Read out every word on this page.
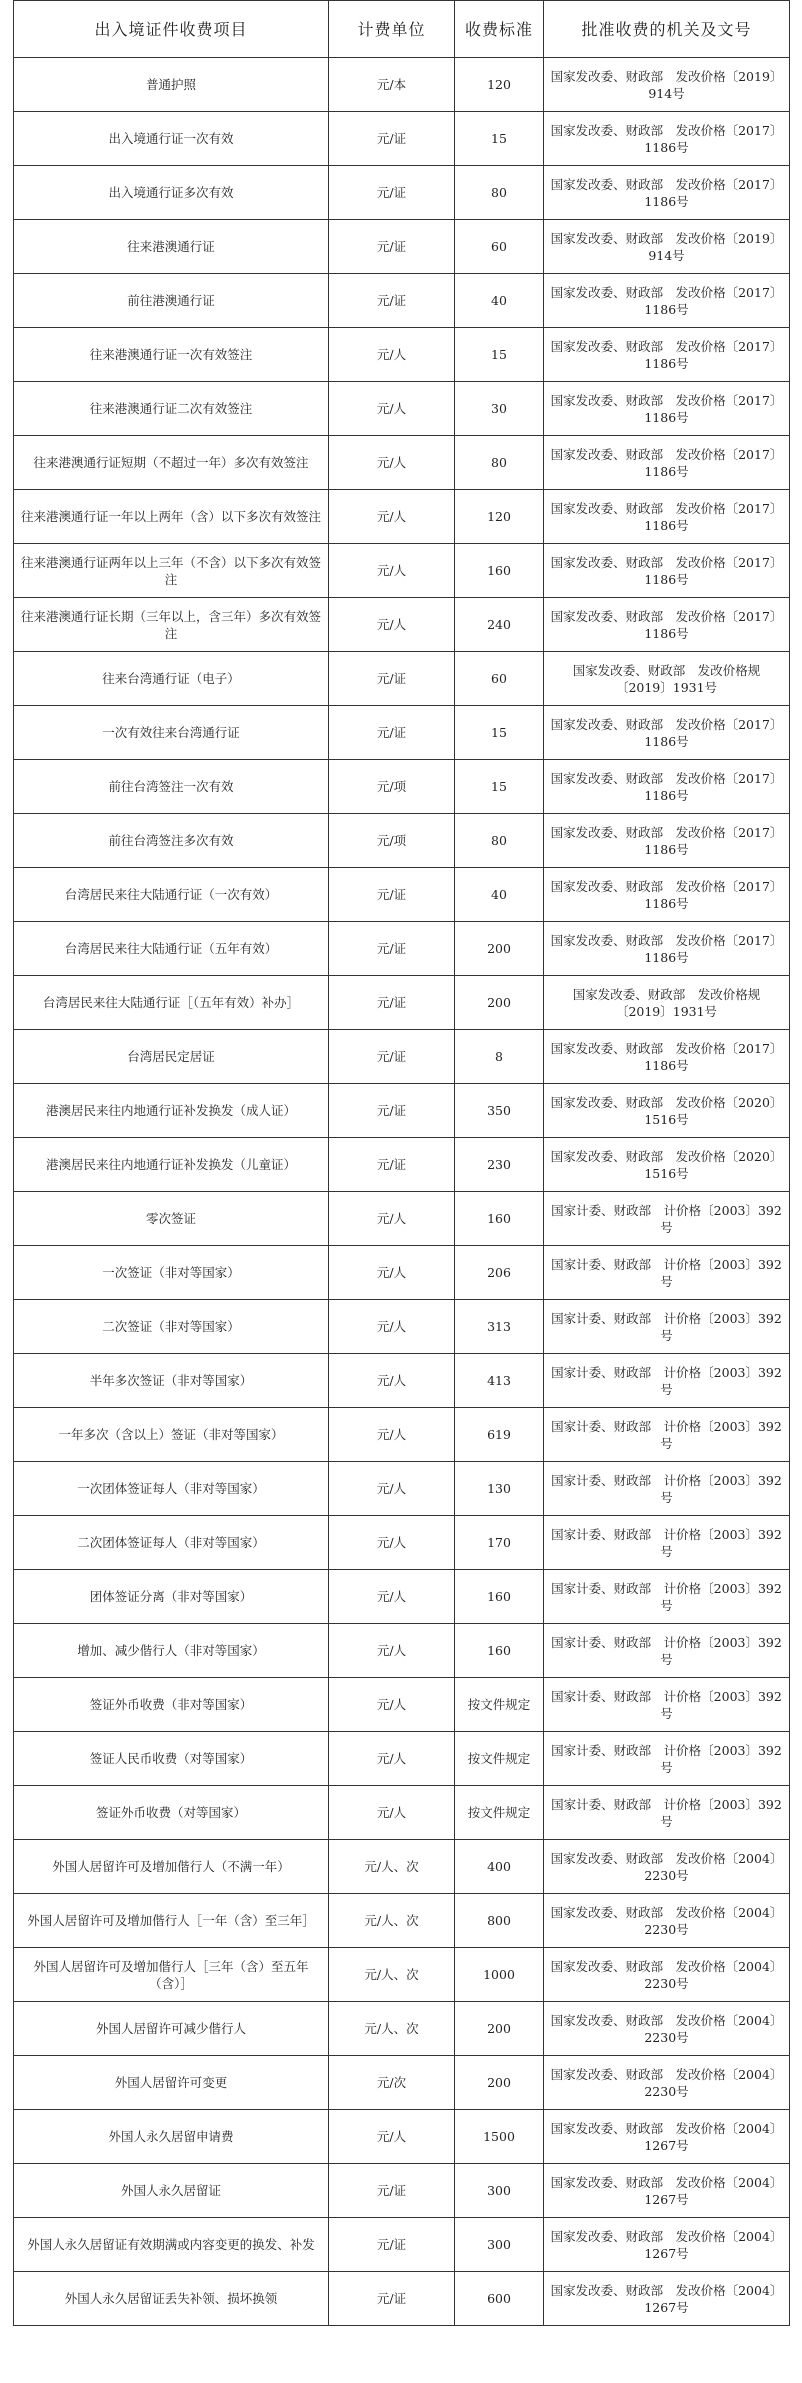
出入境证件收费项目	计费单位	收费标准	批准收费的机关及文号
普通护照	元/本	120	国家发改委、财政部　发改价格〔2019〕914号
出入境通行证一次有效	元/证	15	国家发改委、财政部　发改价格〔2017〕1186号
出入境通行证多次有效	元/证	80	国家发改委、财政部　发改价格〔2017〕1186号
往来港澳通行证	元/证	60	国家发改委、财政部　发改价格〔2019〕914号
前往港澳通行证	元/证	40	国家发改委、财政部　发改价格〔2017〕1186号
往来港澳通行证一次有效签注	元/人	15	国家发改委、财政部　发改价格〔2017〕1186号
往来港澳通行证二次有效签注	元/人	30	国家发改委、财政部　发改价格〔2017〕1186号
往来港澳通行证短期（不超过一年）多次有效签注	元/人	80	国家发改委、财政部　发改价格〔2017〕1186号
往来港澳通行证一年以上两年（含）以下多次有效签注	元/人	120	国家发改委、财政部　发改价格〔2017〕1186号
往来港澳通行证两年以上三年（不含）以下多次有效签注	元/人	160	国家发改委、财政部　发改价格〔2017〕1186号
往来港澳通行证长期（三年以上，含三年）多次有效签注	元/人	240	国家发改委、财政部　发改价格〔2017〕1186号
往来台湾通行证（电子）	元/证	60	国家发改委、财政部　发改价格规〔2019〕1931号
一次有效往来台湾通行证	元/证	15	国家发改委、财政部　发改价格〔2017〕1186号
前往台湾签注一次有效	元/项	15	国家发改委、财政部　发改价格〔2017〕1186号
前往台湾签注多次有效	元/项	80	国家发改委、财政部　发改价格〔2017〕1186号
台湾居民来往大陆通行证（一次有效）	元/证	40	国家发改委、财政部　发改价格〔2017〕1186号
台湾居民来往大陆通行证（五年有效）	元/证	200	国家发改委、财政部　发改价格〔2017〕1186号
台湾居民来往大陆通行证［（五年有效）补办］	元/证	200	国家发改委、财政部　发改价格规〔2019〕1931号
台湾居民定居证	元/证	8	国家发改委、财政部　发改价格〔2017〕1186号
港澳居民来往内地通行证补发换发（成人证）	元/证	350	国家发改委、财政部　发改价格〔2020〕1516号
港澳居民来往内地通行证补发换发（儿童证）	元/证	230	国家发改委、财政部　发改价格〔2020〕1516号
零次签证	元/人	160	国家计委、财政部　计价格〔2003〕392号
一次签证（非对等国家）	元/人	206	国家计委、财政部　计价格〔2003〕392号
二次签证（非对等国家）	元/人	313	国家计委、财政部　计价格〔2003〕392号
半年多次签证（非对等国家）	元/人	413	国家计委、财政部　计价格〔2003〕392号
一年多次（含以上）签证（非对等国家）	元/人	619	国家计委、财政部　计价格〔2003〕392号
一次团体签证每人（非对等国家）	元/人	130	国家计委、财政部　计价格〔2003〕392号
二次团体签证每人（非对等国家）	元/人	170	国家计委、财政部　计价格〔2003〕392号
团体签证分离（非对等国家）	元/人	160	国家计委、财政部　计价格〔2003〕392号
增加、减少偕行人（非对等国家）	元/人	160	国家计委、财政部　计价格〔2003〕392号
签证外币收费（非对等国家）	元/人	按文件规定	国家计委、财政部　计价格〔2003〕392号
签证人民币收费（对等国家）	元/人	按文件规定	国家计委、财政部　计价格〔2003〕392号
签证外币收费（对等国家）	元/人	按文件规定	国家计委、财政部　计价格〔2003〕392号
外国人居留许可及增加偕行人（不满一年）	元/人、次	400	国家发改委、财政部　发改价格〔2004〕2230号
外国人居留许可及增加偕行人［一年（含）至三年］	元/人、次	800	国家发改委、财政部　发改价格〔2004〕2230号
外国人居留许可及增加偕行人［三年（含）至五年（含）］	元/人、次	1000	国家发改委、财政部　发改价格〔2004〕2230号
外国人居留许可减少偕行人	元/人、次	200	国家发改委、财政部　发改价格〔2004〕2230号
外国人居留许可变更	元/次	200	国家发改委、财政部　发改价格〔2004〕2230号
外国人永久居留申请费	元/人	1500	国家发改委、财政部　发改价格〔2004〕1267号
外国人永久居留证	元/证	300	国家发改委、财政部　发改价格〔2004〕1267号
外国人永久居留证有效期满或内容变更的换发、补发	元/证	300	国家发改委、财政部　发改价格〔2004〕1267号
外国人永久居留证丢失补领、损坏换领	元/证	600	国家发改委、财政部　发改价格〔2004〕1267号
